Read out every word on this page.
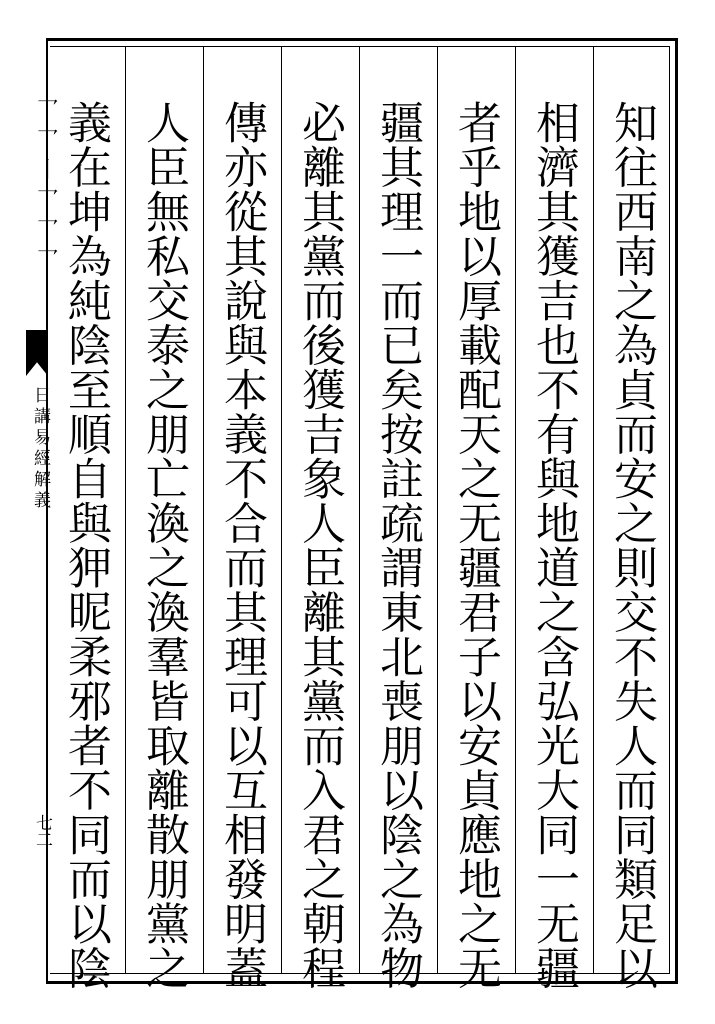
乛乛丨乛乛乛
日講易經解義
七二	知往西南之為貞而安之則交不失人而同類足以
相濟其獲吉也不有與地道之含弘光大同一无疆
者乎地以厚載配天之无疆君子以安貞應地之无
疆其理一而已矣按註疏謂東北喪朋以陰之為物
必離其黨而後獲吉象人臣離其黨而入君之朝程
傳亦從其說與本義不合而其理可以互相發明蓋
人臣無私交泰之朋亡渙之渙羣皆取離散朋黨之
義在坤為純陰至順自與狎昵柔邪者不同而以陰
